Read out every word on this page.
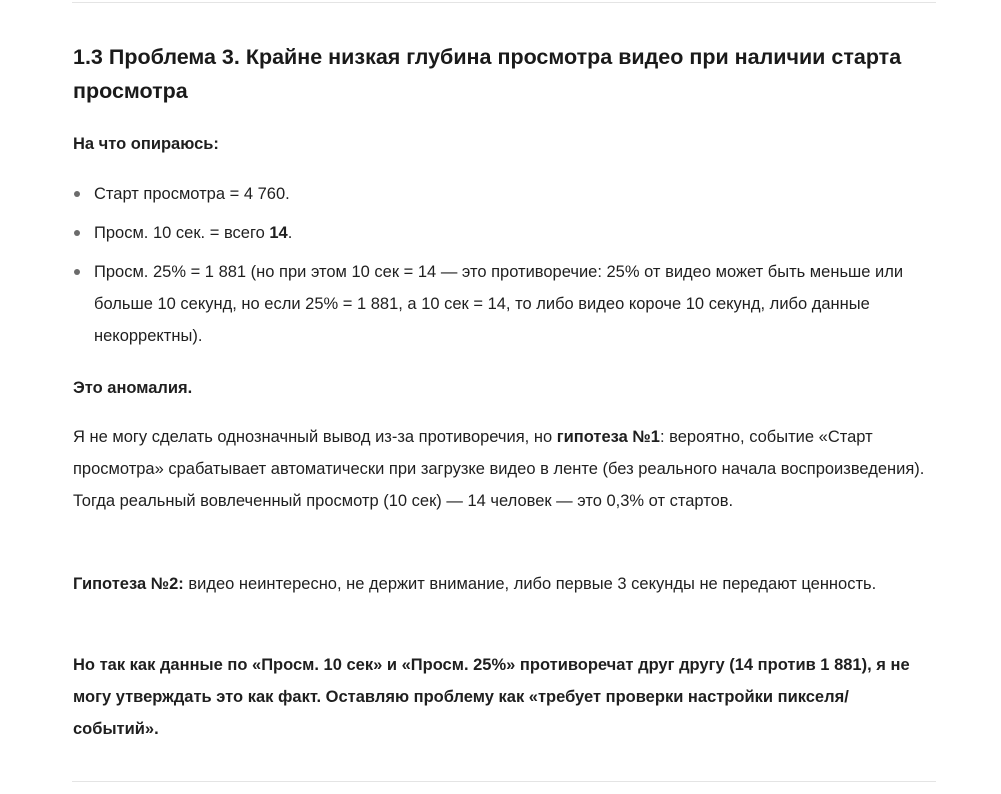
1.3 Проблема 3. Крайне низкая глубина просмотра видео при наличии старта просмотра

На что опираюсь:

Старт просмотра = 4 760.
Просм. 10 сек. = всего 14.
Просм. 25% = 1 881 (но при этом 10 сек = 14 — это противоречие: 25% от видео может быть меньше или больше 10 секунд, но если 25% = 1 881, а 10 сек = 14, то либо видео короче 10 секунд, либо данные некорректны).

Это аномалия.

Я не могу сделать однозначный вывод из-за противоречия, но гипотеза №1: вероятно, событие «Старт просмотра» срабатывает автоматически при загрузке видео в ленте (без реального начала воспроизведения). Тогда реальный вовлеченный просмотр (10 сек) — 14 человек — это 0,3% от стартов.

Гипотеза №2: видео неинтересно, не держит внимание, либо первые 3 секунды не передают ценность.

Но так как данные по «Просм. 10 сек» и «Просм. 25%» противоречат друг другу (14 против 1 881), я не могу утверждать это как факт. Оставляю проблему как «требует проверки настройки пикселя/событий».
